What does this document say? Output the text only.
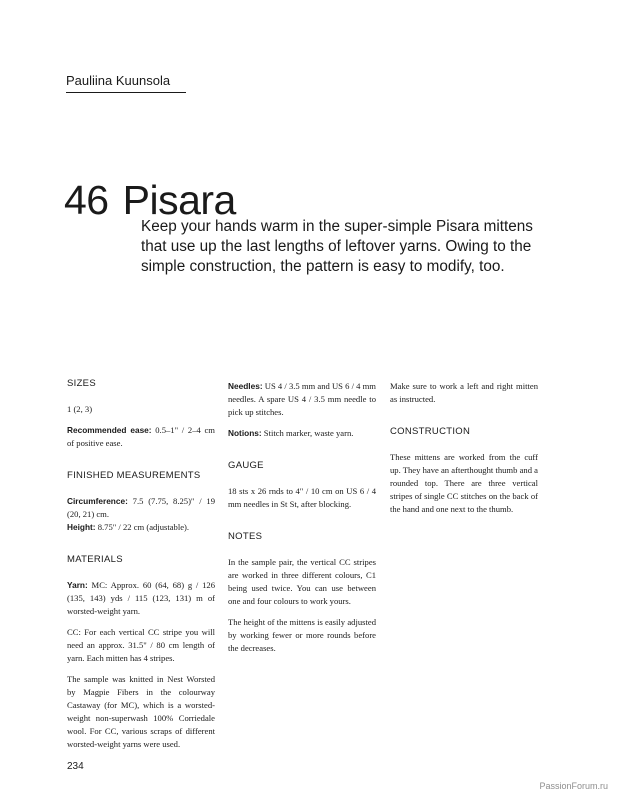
Pauliina Kuunsola
46 Pisara
Keep your hands warm in the super-simple Pisara mittens that use up the last lengths of leftover yarns. Owing to the simple construction, the pattern is easy to modify, too.
SIZES

1 (2, 3)

Recommended ease: 0.5–1" / 2–4 cm of positive ease.

FINISHED MEASUREMENTS

Circumference: 7.5 (7.75, 8.25)" / 19 (20, 21) cm.

Height: 8.75" / 22 cm (adjustable).

MATERIALS

Yarn: MC: Approx. 60 (64, 68) g / 126 (135, 143) yds / 115 (123, 131) m of worsted-weight yarn.

CC: For each vertical CC stripe you will need an approx. 31.5" / 80 cm length of yarn. Each mitten has 4 stripes.

The sample was knitted in Nest Worsted by Magpie Fibers in the colourway Castaway (for MC), which is a worsted-weight non-superwash 100% Corriedale wool. For CC, various scraps of different worsted-weight yarns were used.

Needles: US 4 / 3.5 mm and US 6 / 4 mm needles. A spare US 4 / 3.5 mm needle to pick up stitches.

Notions: Stitch marker, waste yarn.

GAUGE

18 sts x 26 rnds to 4" / 10 cm on US 6 / 4 mm needles in St St, after blocking.

NOTES

In the sample pair, the vertical CC stripes are worked in three different colours, C1 being used twice. You can use between one and four colours to work yours.

The height of the mittens is easily adjusted by working fewer or more rounds before the decreases.

Make sure to work a left and right mitten as instructed.

CONSTRUCTION

These mittens are worked from the cuff up. They have an afterthought thumb and a rounded top. There are three vertical stripes of single CC stitches on the back of the hand and one next to the thumb.

234
PassionForum.ru
